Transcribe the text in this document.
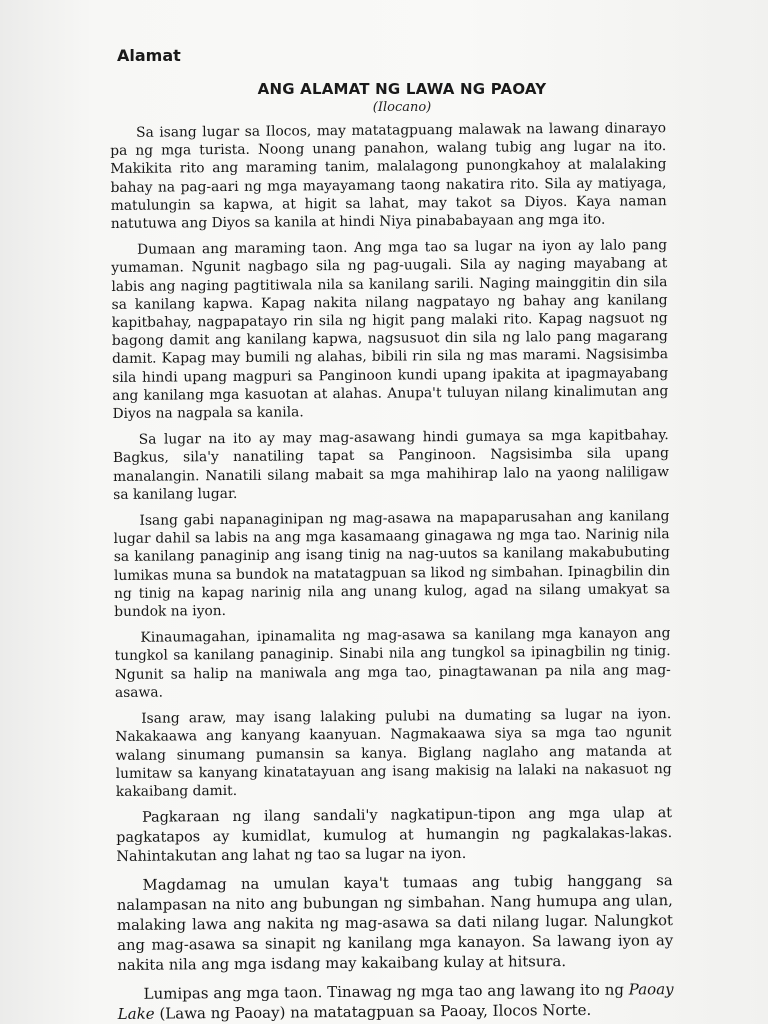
Alamat
ANG ALAMAT NG LAWA NG PAOAY

(Ilocano)

Sa isang lugar sa Ilocos, may matatagpuang malawak na lawang dinarayo pa ng mga turista. Noong unang panahon, walang tubig ang lugar na ito. Makikita rito ang maraming tanim, malalagong punongkahoy at malalaking bahay na pag-aari ng mga mayayamang taong nakatira rito. Sila ay matiyaga, matulungin sa kapwa, at higit sa lahat, may takot sa Diyos. Kaya naman natutuwa ang Diyos sa kanila at hindi Niya pinababayaan ang mga ito.

Dumaan ang maraming taon. Ang mga tao sa lugar na iyon ay lalo pang yumaman. Ngunit nagbago sila ng pag-uugali. Sila ay naging mayabang at labis ang naging pagtitiwala nila sa kanilang sarili. Naging mainggitin din sila sa kanilang kapwa. Kapag nakita nilang nagpatayo ng bahay ang kanilang kapitbahay, nagpapatayo rin sila ng higit pang malaki rito. Kapag nagsuot ng bagong damit ang kanilang kapwa, nagsusuot din sila ng lalo pang magarang damit. Kapag may bumili ng alahas, bibili rin sila ng mas marami. Nagsisimba sila hindi upang magpuri sa Panginoon kundi upang ipakita at ipagmayabang ang kanilang mga kasuotan at alahas. Anupa't tuluyan nilang kinalimutan ang Diyos na nagpala sa kanila.

Sa lugar na ito ay may mag-asawang hindi gumaya sa mga kapitbahay. Bagkus, sila'y nanatiling tapat sa Panginoon. Nagsisimba sila upang manalangin. Nanatili silang mabait sa mga mahihirap lalo na yaong naliligaw sa kanilang lugar.

Isang gabi napanaginipan ng mag-asawa na mapaparusahan ang kanilang lugar dahil sa labis na ang mga kasamaang ginagawa ng mga tao. Narinig nila sa kanilang panaginip ang isang tinig na nag-uutos sa kanilang makabubuting lumikas muna sa bundok na matatagpuan sa likod ng simbahan. Ipinagbilin din ng tinig na kapag narinig nila ang unang kulog, agad na silang umakyat sa bundok na iyon.

Kinaumagahan, ipinamalita ng mag-asawa sa kanilang mga kanayon ang tungkol sa kanilang panaginip. Sinabi nila ang tungkol sa ipinagbilin ng tinig. Ngunit sa halip na maniwala ang mga tao, pinagtawanan pa nila ang mag-asawa.

Isang araw, may isang lalaking pulubi na dumating sa lugar na iyon. Nakakaawa ang kanyang kaanyuan. Nagmakaawa siya sa mga tao ngunit walang sinumang pumansin sa kanya. Biglang naglaho ang matanda at lumitaw sa kanyang kinatatayuan ang isang makisig na lalaki na nakasuot ng kakaibang damit.

Pagkaraan ng ilang sandali'y nagkatipun-tipon ang mga ulap at pagkatapos ay kumidlat, kumulog at humangin ng pagkalakas-lakas. Nahintakutan ang lahat ng tao sa lugar na iyon.

Magdamag na umulan kaya't tumaas ang tubig hanggang sa nalampasan na nito ang bubungan ng simbahan. Nang humupa ang ulan, malaking lawa ang nakita ng mag-asawa sa dati nilang lugar. Nalungkot ang mag-asawa sa sinapit ng kanilang mga kanayon. Sa lawang iyon ay nakita nila ang mga isdang may kakaibang kulay at hitsura.

Lumipas ang mga taon. Tinawag ng mga tao ang lawang ito ng Paoay Lake (Lawa ng Paoay) na matatagpuan sa Paoay, Ilocos Norte.
